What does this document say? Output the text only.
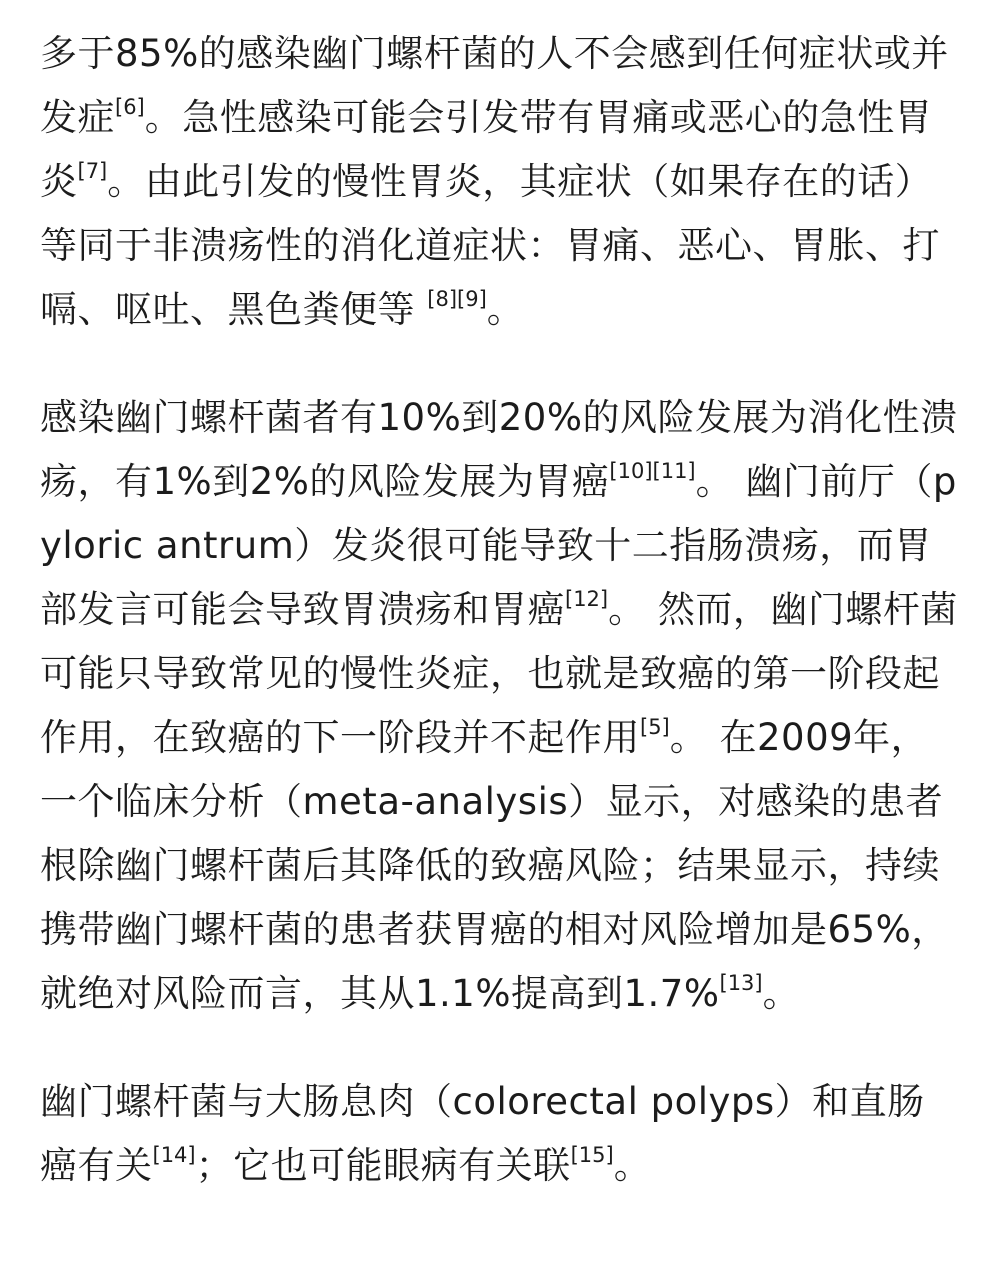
多于85%的感染幽门螺杆菌的人不会感到任何症状或并发症[6]。急性感染可能会引发带有胃痛或恶心的急性胃炎[7]。由此引发的慢性胃炎，其症状（如果存在的话）等同于非溃疡性的消化道症状：胃痛、恶心、胃胀、打嗝、呕吐、黑色粪便等 [8][9]。

感染幽门螺杆菌者有10%到20%的风险发展为消化性溃疡，有1%到2%的风险发展为胃癌[10][11]。 幽门前厅（pyloric antrum）发炎很可能导致十二指肠溃疡，而胃部发言可能会导致胃溃疡和胃癌[12]。 然而，幽门螺杆菌可能只导致常见的慢性炎症，也就是致癌的第一阶段起作用，在致癌的下一阶段并不起作用[5]。 在2009年，一个临床分析（meta-analysis）显示，对感染的患者根除幽门螺杆菌后其降低的致癌风险；结果显示，持续携带幽门螺杆菌的患者获胃癌的相对风险增加是65%，就绝对风险而言，其从1.1%提高到1.7%[13]。

幽门螺杆菌与大肠息肉（colorectal polyps）和直肠癌有关[14]；它也可能眼病有关联[15]。
